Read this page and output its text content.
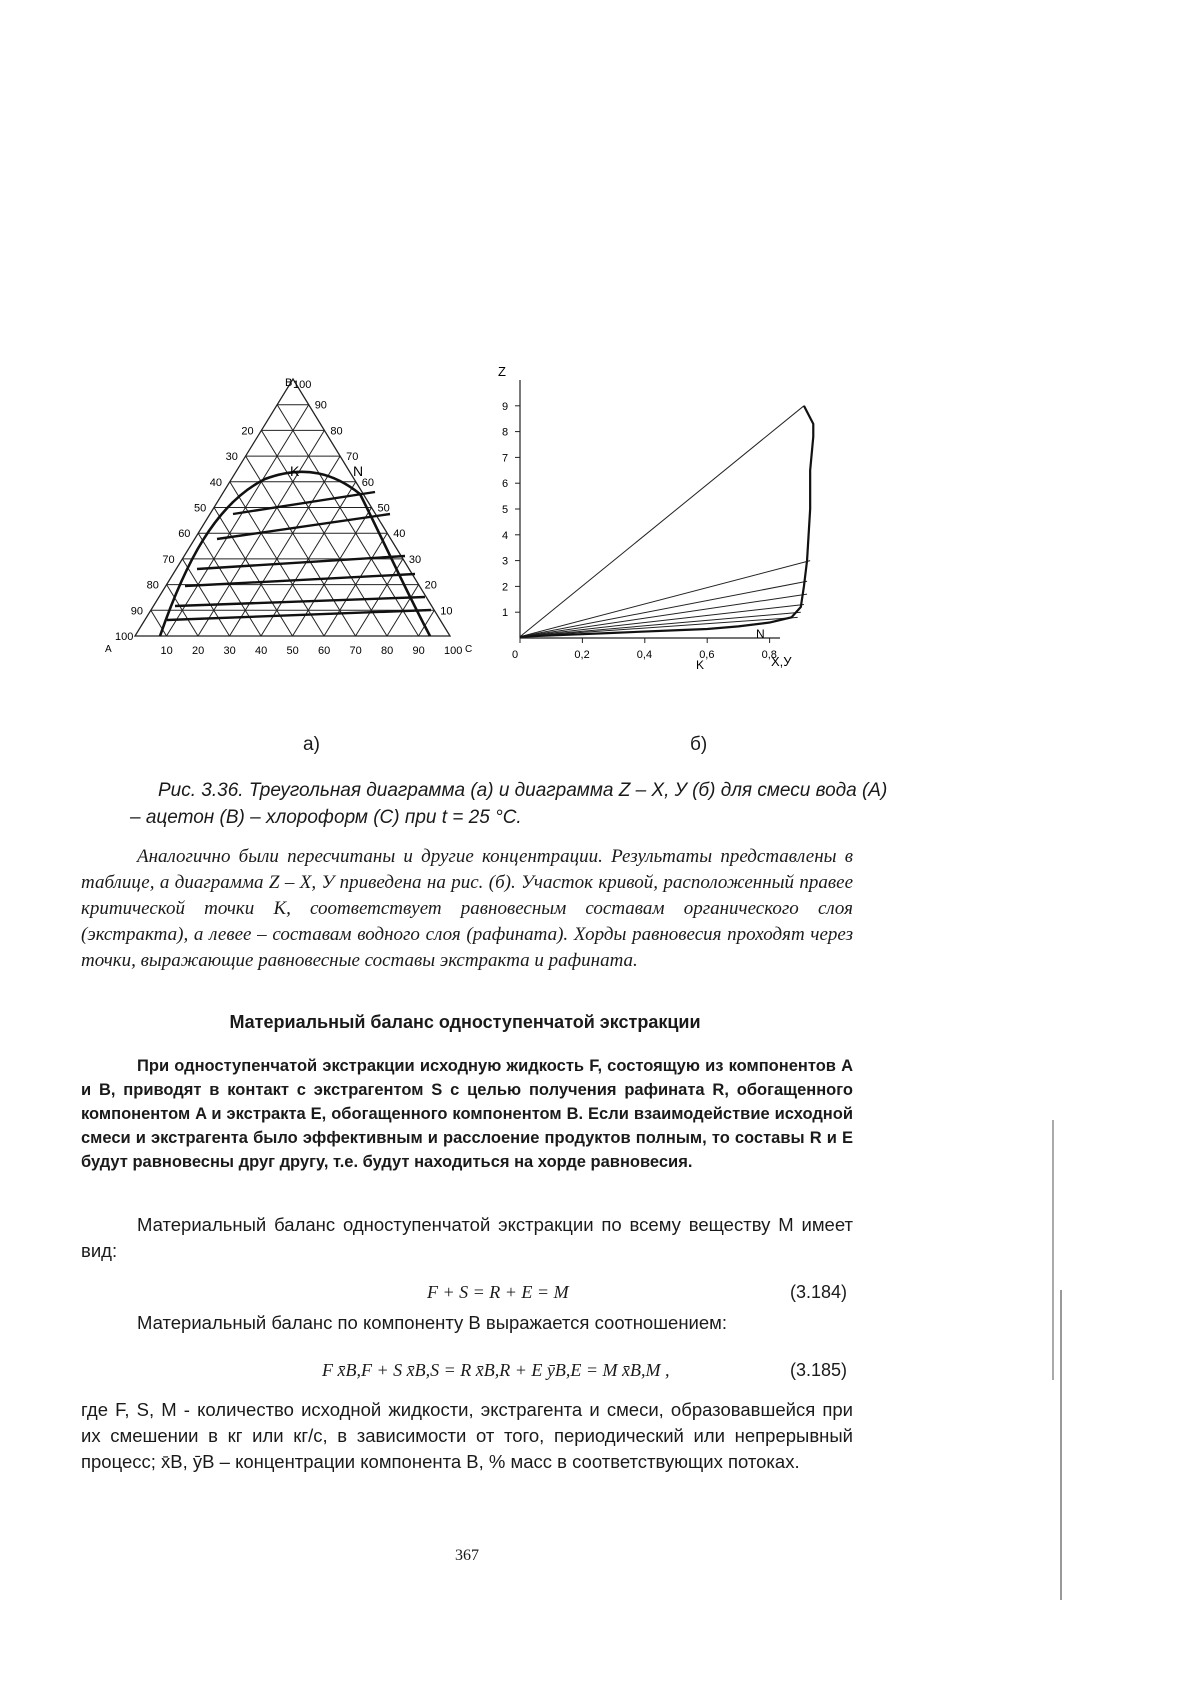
K	N
B 100
A	C
20
30
40
50
60
70
80
90
100
90
80
70
60
50
40
30
20
10
10 20 30 40 50 60 70 80 90 100
а)
1
2
3
4
5
6
7
8
9
0	0,2	0,4	0,6	0,8
Z
X,У
K
N
б)
Рис. 3.36. Треугольная диаграмма (а) и диаграмма Z – X, У (б) для смеси вода (А) – ацетон (В) – хлороформ (С) при t = 25 °C.
Аналогично были пересчитаны и другие концентрации. Результаты представлены в таблице, а диаграмма Z – X, У приведена на рис. (б). Участок кривой, расположенный правее критической точки К, соответствует равновесным составам органического слоя (экстракта), а левее – составам водного слоя (рафината). Хорды равновесия проходят через точки, выражающие равновесные составы экстракта и рафината.
Материальный баланс одноступенчатой экстракции
При одноступенчатой экстракции исходную жидкость F, состоящую из компонентов A и B, приводят в контакт с экстрагентом S с целью получения рафината R, обогащенного компонентом A и экстракта E, обогащенного компонентом B. Если взаимодействие исходной смеси и экстрагента было эффективным и расслоение продуктов полным, то составы R и E будут равновесны друг другу, т.е. будут находиться на хорде равновесия.
Материальный баланс одноступенчатой экстракции по всему веществу M имеет вид:
F + S = R + E = M	(3.184)
Материальный баланс по компоненту B выражается соотношением:
F x̄B,F + S x̄B,S = R x̄B,R + E ȳB,E = M x̄B,M ,	(3.185)
где F, S, M - количество исходной жидкости, экстрагента и смеси, образовавшейся при их смешении в кг или кг/с, в зависимости от того, периодический или непрерывный процесс; x̄B, ȳB – концентрации компонента B, % масс в соответствующих потоках.
367
